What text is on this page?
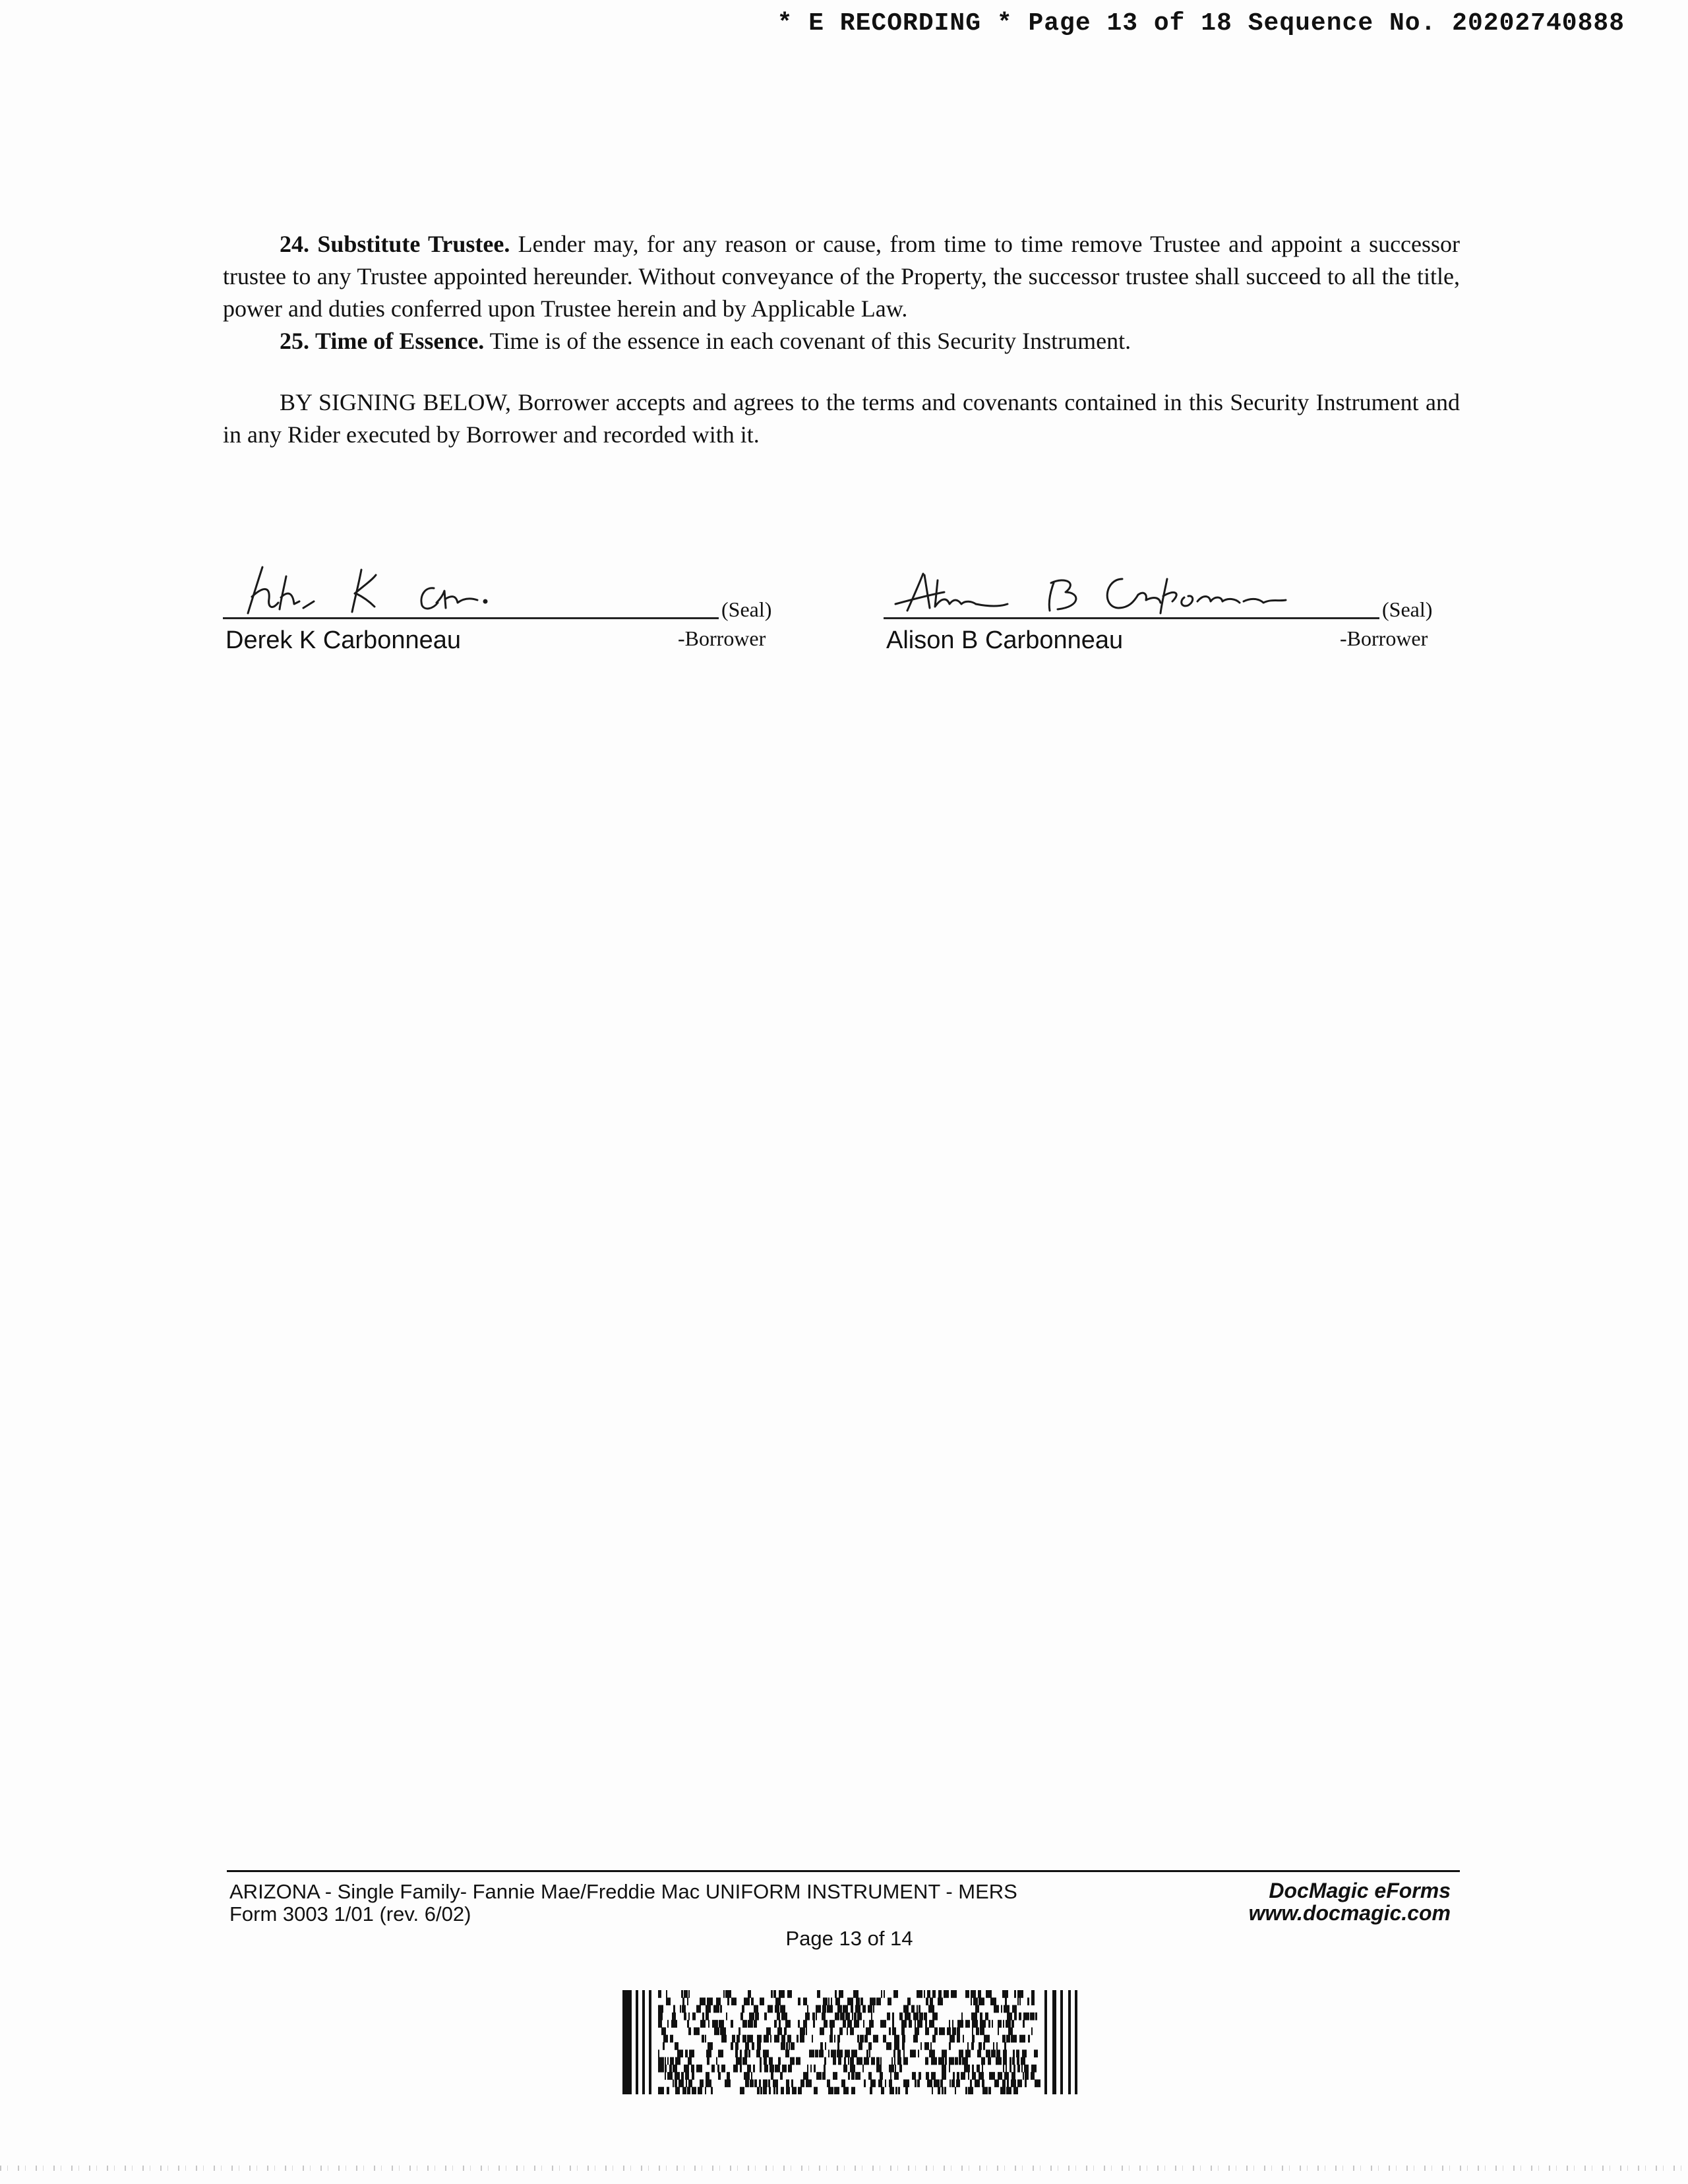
* E RECORDING * Page 13 of 18 Sequence No. 20202740888

24. Substitute Trustee. Lender may, for any reason or cause, from time to time remove Trustee and appoint a successor trustee to any Trustee appointed hereunder. Without conveyance of the Property, the successor trustee shall succeed to all the title, power and duties conferred upon Trustee herein and by Applicable Law.

25. Time of Essence. Time is of the essence in each covenant of this Security Instrument.

BY SIGNING BELOW, Borrower accepts and agrees to the terms and covenants contained in this Security Instrument and in any Rider executed by Borrower and recorded with it.

(Seal)
Derek K Carbonneau	-Borrower
(Seal)
Alison B Carbonneau	-Borrower
ARIZONA - Single Family- Fannie Mae/Freddie Mac UNIFORM INSTRUMENT - MERS
Form 3003 1/01 (rev. 6/02)
DocMagic eForms
www.docmagic.com
Page 13 of 14
